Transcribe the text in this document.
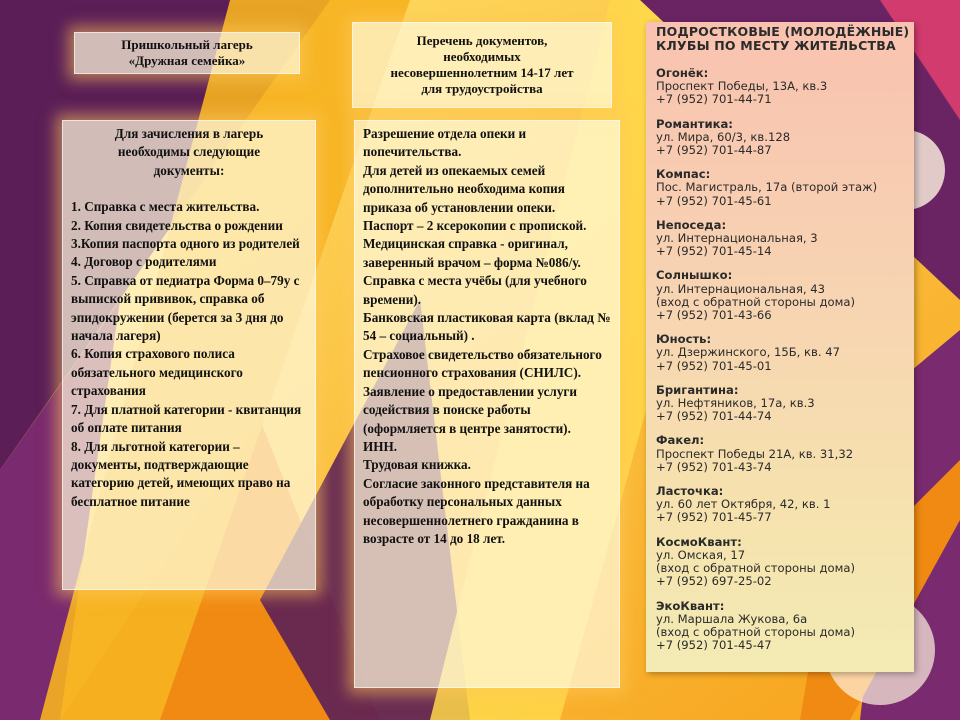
Пришкольный лагерь
«Дружная семейка»
Перечень документов,
необходимых
несовершеннолетним 14-17 лет
для трудоустройства

Для зачисления в лагерь

необходимы следующие

документы:

1. Справка с места жительства.

2. Копия свидетельства о рождении

3.Копия паспорта одного из родителей

4. Договор с родителями

5. Справка от педиатра Форма 0–79у с выпиской прививок, справка об эпидокружении (берется за 3 дня до начала лагеря)

6. Копия страхового полиса обязательного медицинского страхования

7. Для платной категории - квитанция об оплате питания

8. Для льготной категории – документы, подтверждающие категорию детей, имеющих право на бесплатное питание

Разрешение отдела опеки и попечительства.

Для детей из опекаемых семей дополнительно необходима копия приказа об установлении опеки.

Паспорт – 2 ксерокопии с пропиской.

Медицинская справка - оригинал, заверенный врачом – форма №086/у.

Справка с места учёбы (для учебного времени).

Банковская пластиковая карта (вклад № 54 – социальный) .

Страховое свидетельство обязательного пенсионного страхования (СНИЛС).

Заявление о предоставлении услуги содействия в поиске работы (оформляется в центре занятости).

ИНН.

Трудовая книжка.

Согласие законного представителя на обработку персональных данных несовершеннолетнего гражданина в возрасте от 14 до 18 лет.

ПОДРОСТКОВЫЕ (МОЛОДЁЖНЫЕ)
КЛУБЫ ПО МЕСТУ ЖИТЕЛЬСТВА
Огонёк:
Проспект Победы, 13А, кв.3
+7 (952) 701-44-71
Романтика:
ул. Мира, 60/3, кв.128
+7 (952) 701-44-87
Компас:
Пос. Магистраль, 17а (второй этаж)
+7 (952) 701-45-61
Непоседа:
ул. Интернациональная, 3
+7 (952) 701-45-14
Солнышко:
ул. Интернациональная, 43
(вход с обратной стороны дома)
+7 (952) 701-43-66
Юность:
ул. Дзержинского, 15Б, кв. 47
+7 (952) 701-45-01
Бригантина:
ул. Нефтяников, 17а, кв.3
+7 (952) 701-44-74
Факел:
Проспект Победы 21А, кв. 31,32
+7 (952) 701-43-74
Ласточка:
ул. 60 лет Октября, 42, кв. 1
+7 (952) 701-45-77
КосмоКвант:
ул. Омская, 17
(вход с обратной стороны дома)
+7 (952) 697-25-02
ЭкоКвант:
ул. Маршала Жукова, 6а
(вход с обратной стороны дома)
+7 (952) 701-45-47
